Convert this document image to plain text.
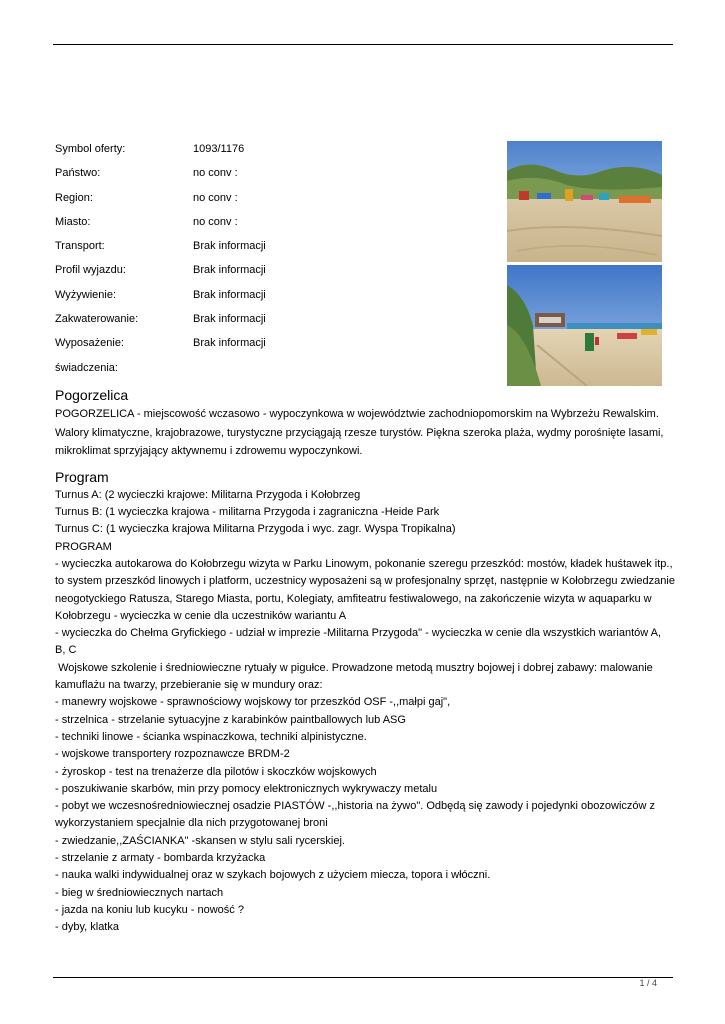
Symbol oferty:	1093/1176
Państwo:	no conv :
Region:	no conv :
Miasto:	no conv :
Transport:	Brak informacji
Profil wyjazdu:	Brak informacji
Wyżywienie:	Brak informacji
Zakwaterowanie:	Brak informacji
Wyposażenie:	Brak informacji
świadczenia:
Pogorzelica

POGORZELICA - miejscowość wczasowo - wypoczynkowa w województwie zachodniopomorskim na Wybrzeżu Rewalskim.

Walory klimatyczne, krajobrazowe, turystyczne przyciągają rzesze turystów. Piękna szeroka plaża, wydmy porośnięte lasami,

mikroklimat sprzyjający aktywnemu i zdrowemu wypoczynkowi.

Program

Turnus A: (2 wycieczki krajowe: Militarna Przygoda i Kołobrzeg

Turnus B: (1 wycieczka krajowa - militarna Przygoda i zagraniczna -Heide Park

Turnus C: (1 wycieczka krajowa Militarna Przygoda i wyc. zagr. Wyspa Tropikalna)

PROGRAM

- wycieczka autokarowa do Kołobrzegu wizyta w Parku Linowym, pokonanie szeregu przeszkód: mostów, kładek huśtawek itp.,

to system przeszkód linowych i platform, uczestnicy wyposażeni są w profesjonalny sprzęt, następnie w Kołobrzegu zwiedzanie

neogotyckiego Ratusza, Starego Miasta, portu, Kolegiaty, amfiteatru festiwalowego, na zakończenie wizyta w aquaparku w

Kołobrzegu - wycieczka w cenie dla uczestników wariantu A

- wycieczka do Chełma Gryfickiego - udział w imprezie -Militarna Przygoda" - wycieczka w cenie dla wszystkich wariantów A,

B, C

Wojskowe szkolenie i średniowieczne rytuały w pigułce. Prowadzone metodą musztry bojowej i dobrej zabawy: malowanie

kamuflażu na twarzy, przebieranie się w mundury oraz:

- manewry wojskowe - sprawnościowy wojskowy tor przeszkód OSF -,,małpi gaj",

- strzelnica - strzelanie sytuacyjne z karabinków paintballowych lub ASG

- techniki linowe - ścianka wspinaczkowa, techniki alpinistyczne.

- wojskowe transportery rozpoznawcze BRDM-2

- żyroskop - test na trenażerze dla pilotów i skoczków wojskowych

- poszukiwanie skarbów, min przy pomocy elektronicznych wykrywaczy metalu

- pobyt we wczesnośredniowiecznej osadzie PIASTÓW -,,historia na żywo". Odbędą się zawody i pojedynki obozowiczów z

wykorzystaniem specjalnie dla nich przygotowanej broni

- zwiedzanie,,ZAŚCIANKA" -skansen w stylu sali rycerskiej.

- strzelanie z armaty - bombarda krzyżacka

- nauka walki indywidualnej oraz w szykach bojowych z użyciem miecza, topora i włóczni.

- bieg w średniowiecznych nartach

- jazda na koniu lub kucyku - nowość ?

- dyby, klatka

1 / 4
